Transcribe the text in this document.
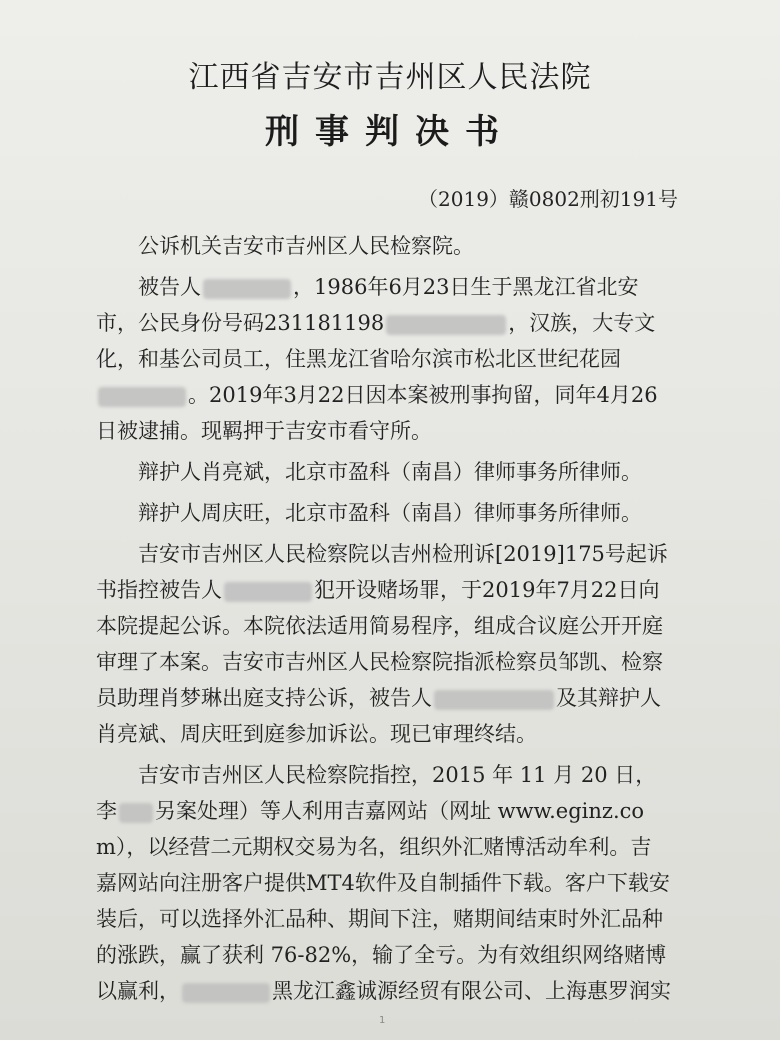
江西省吉安市吉州区人民法院
刑事判决书
（2019）赣0802刑初191号

公诉机关吉安市吉州区人民检察院。

被告人	，1986年6月23日生于黑龙江省北安市，公民身份号码231181198	，汉族，大专文化，和基公司员工，住黑龙江省哈尔滨市松北区世纪花园。2019年3月22日因本案被刑事拘留，同年4月26日被逮捕。现羁押于吉安市看守所。

辩护人肖亮斌，北京市盈科（南昌）律师事务所律师。

辩护人周庆旺，北京市盈科（南昌）律师事务所律师。

吉安市吉州区人民检察院以吉州检刑诉[2019]175号起诉书指控被告人	犯开设赌场罪，于2019年7月22日向本院提起公诉。本院依法适用简易程序，组成合议庭公开开庭审理了本案。吉安市吉州区人民检察院指派检察员邹凯、检察员助理肖梦琳出庭支持公诉，被告人	及其辩护人肖亮斌、周庆旺到庭参加诉讼。现已审理终结。

吉安市吉州区人民检察院指控，2015 年 11 月 20 日，李 另案处理）等人利用吉嘉网站（网址 www.eginz.com），以经营二元期权交易为名，组织外汇赌博活动牟利。吉嘉网站向注册客户提供MT4软件及自制插件下载。客户下载安装后，可以选择外汇品种、期间下注，赌期间结束时外汇品种的涨跌，赢了获利 76-82%，输了全亏。为有效组织网络赌博以赢利，	黑龙江鑫诚源经贸有限公司、上海惠罗润实

1
